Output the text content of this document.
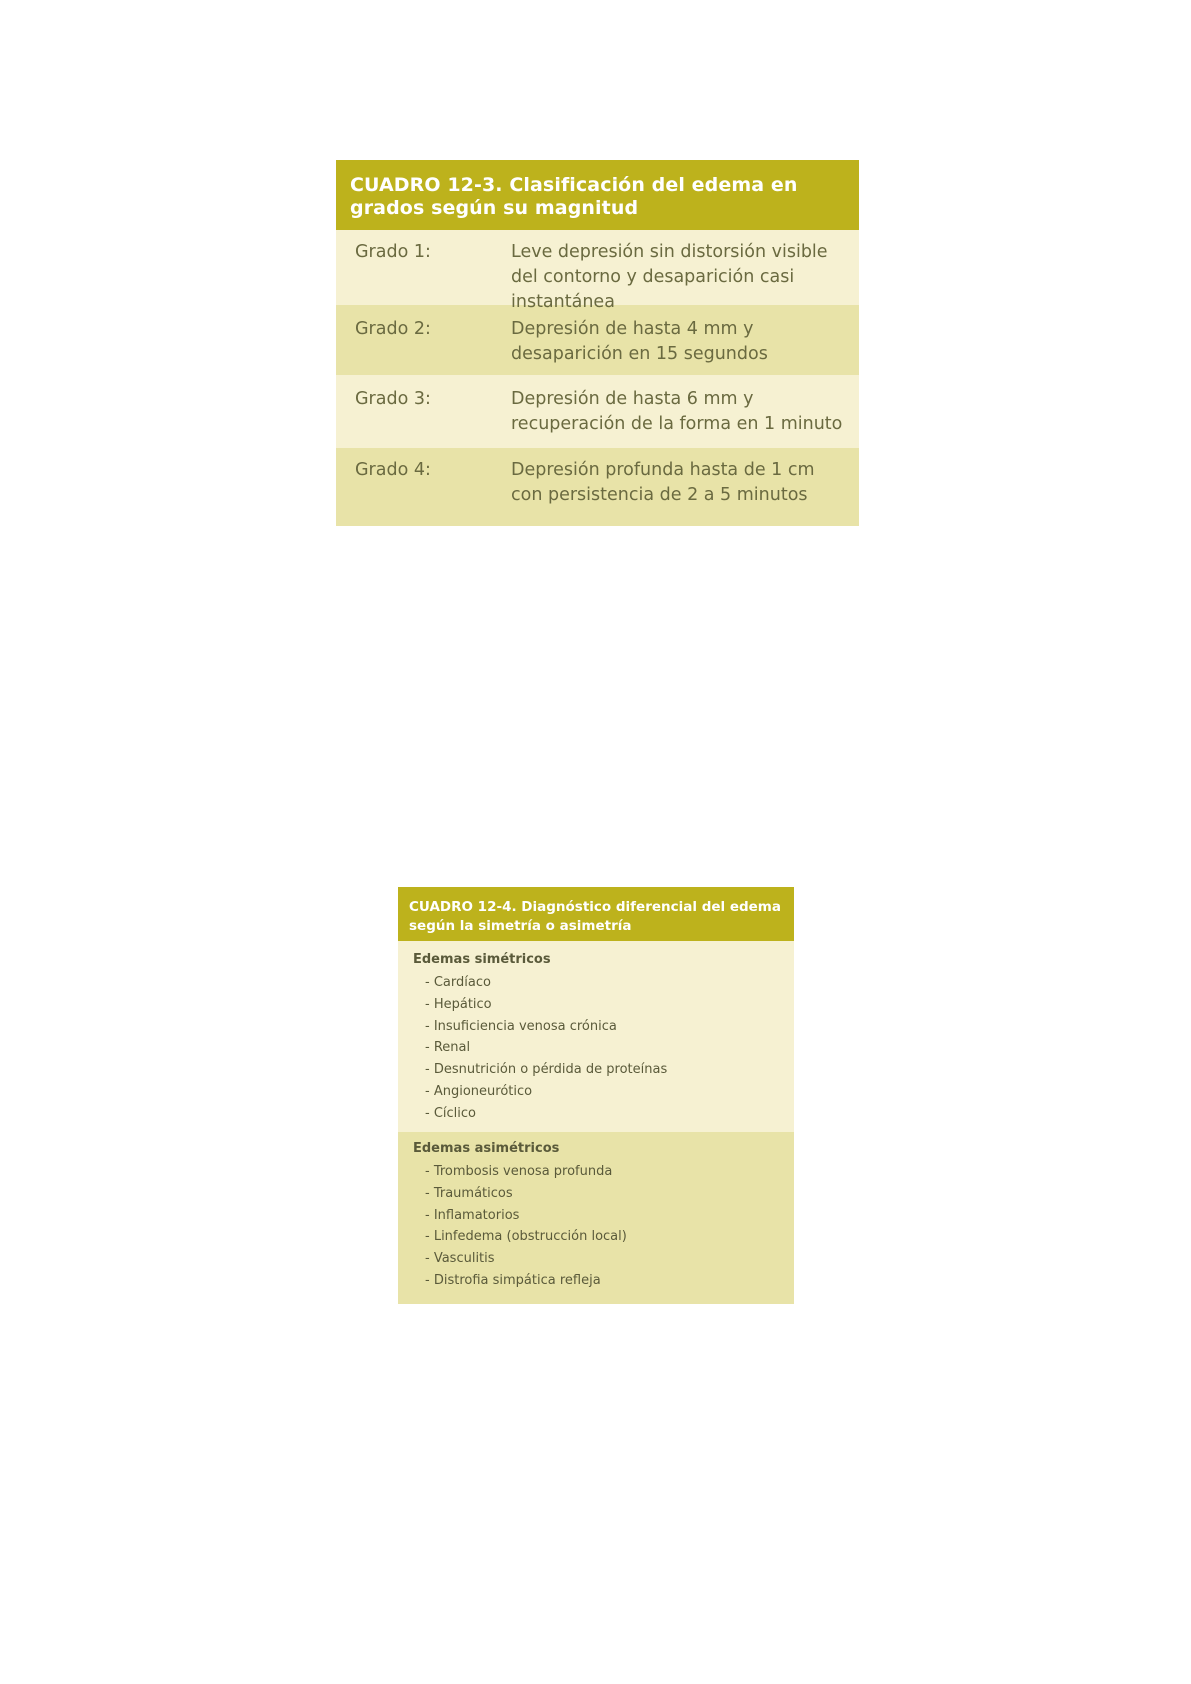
CUADRO 12-3. Clasificación del edema en grados según su magnitud
Grado 1:	Leve depresión sin distorsión visible del contorno y desaparición casi instantánea
Grado 2:	Depresión de hasta 4 mm y desaparición en 15 segundos
Grado 3:	Depresión de hasta 6 mm y recuperación de la forma en 1 minuto
Grado 4:	Depresión profunda hasta de 1 cm con persistencia de 2 a 5 minutos
CUADRO 12-4. Diagnóstico diferencial del edema según la simetría o asimetría
Edemas simétricos
- Cardíaco
- Hepático
- Insuficiencia venosa crónica
- Renal
- Desnutrición o pérdida de proteínas
- Angioneurótico
- Cíclico
Edemas asimétricos
- Trombosis venosa profunda
- Traumáticos
- Inflamatorios
- Linfedema (obstrucción local)
- Vasculitis
- Distrofia simpática refleja
